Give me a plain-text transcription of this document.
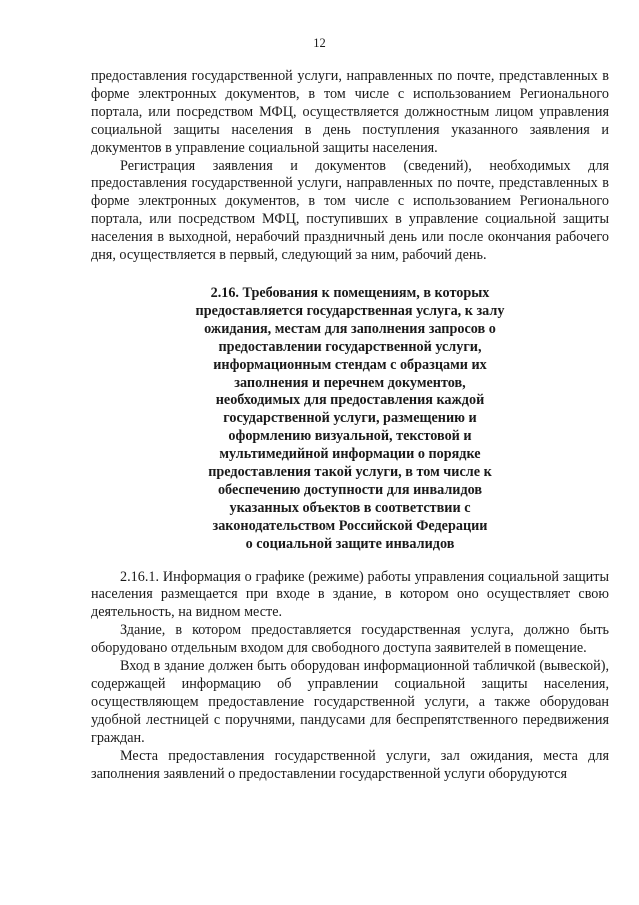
12

предоставления государственной услуги, направленных по почте, представленных в форме электронных документов, в том числе с использованием Регионального портала, или посредством МФЦ, осуществляется должностным лицом управления социальной защиты населения в день поступления указанного заявления и документов в управление социальной защиты населения.

Регистрация заявления и документов (сведений), необходимых для предоставления государственной услуги, направленных по почте, представленных в форме электронных документов, в том числе с использованием Регионального портала, или посредством МФЦ, поступивших в управление социальной защиты населения в выходной, нерабочий праздничный день или после окончания рабочего дня, осуществляется в первый, следующий за ним, рабочий день.

2.16. Требования к помещениям, в которых
предоставляется государственная услуга, к залу
ожидания, местам для заполнения запросов о
предоставлении государственной услуги,
информационным стендам с образцами их
заполнения и перечнем документов,
необходимых для предоставления каждой
государственной услуги, размещению и
оформлению визуальной, текстовой и
мультимедийной информации о порядке
предоставления такой услуги, в том числе к
обеспечению доступности для инвалидов
указанных объектов в соответствии с
законодательством Российской Федерации
о социальной защите инвалидов

2.16.1. Информация о графике (режиме) работы управления социальной защиты населения размещается при входе в здание, в котором оно осуществляет свою деятельность, на видном месте.

Здание, в котором предоставляется государственная услуга, должно быть оборудовано отдельным входом для свободного доступа заявителей в помещение.

Вход в здание должен быть оборудован информационной табличкой (вывеской), содержащей информацию об управлении социальной защиты населения, осуществляющем предоставление государственной услуги, а также оборудован удобной лестницей с поручнями, пандусами для беспрепятственного передвижения граждан.

Места предоставления государственной услуги, зал ожидания, места для заполнения заявлений о предоставлении государственной услуги оборудуются
